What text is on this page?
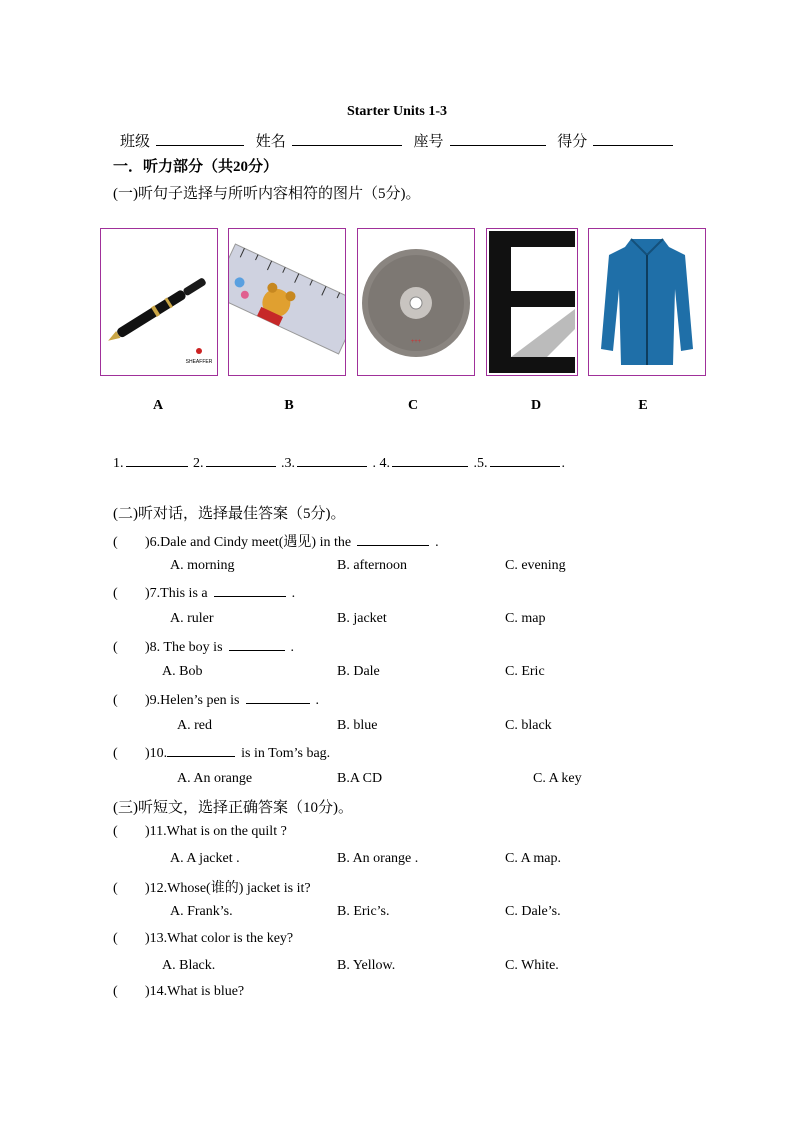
Starter Units 1-3
班级	姓名	座号	得分
一．听力部分（共20分）
(一)听句子选择与所听内容相符的图片（5分)。
SHEAFFER
+++
A	B	C	D	E
1.	2.	.3.	. 4.	.5.	.
(二)听对话，选择最佳答案（5分)。
( )6.Dale and Cindy meet(遇见) in the	.
A. morning	B. afternoon	C. evening
( )7.This is a	.
A. ruler	B. jacket	C. map
( )8. The boy is	.
A. Bob	B. Dale	C. Eric
( )9.Helen’s pen is	.
A. red	B. blue	C. black
( )10.	is in Tom’s bag.
A. An orange	B.A CD	C. A key
(三)听短文，选择正确答案（10分)。
( )11.What is on the quilt ?
A. A jacket .	B. An orange .	C. A map.
( )12.Whose(谁的) jacket is it?
A. Frank’s.	B. Eric’s.	C. Dale’s.
( )13.What color is the key?
A. Black.	B. Yellow.	C. White.
( )14.What is blue?
